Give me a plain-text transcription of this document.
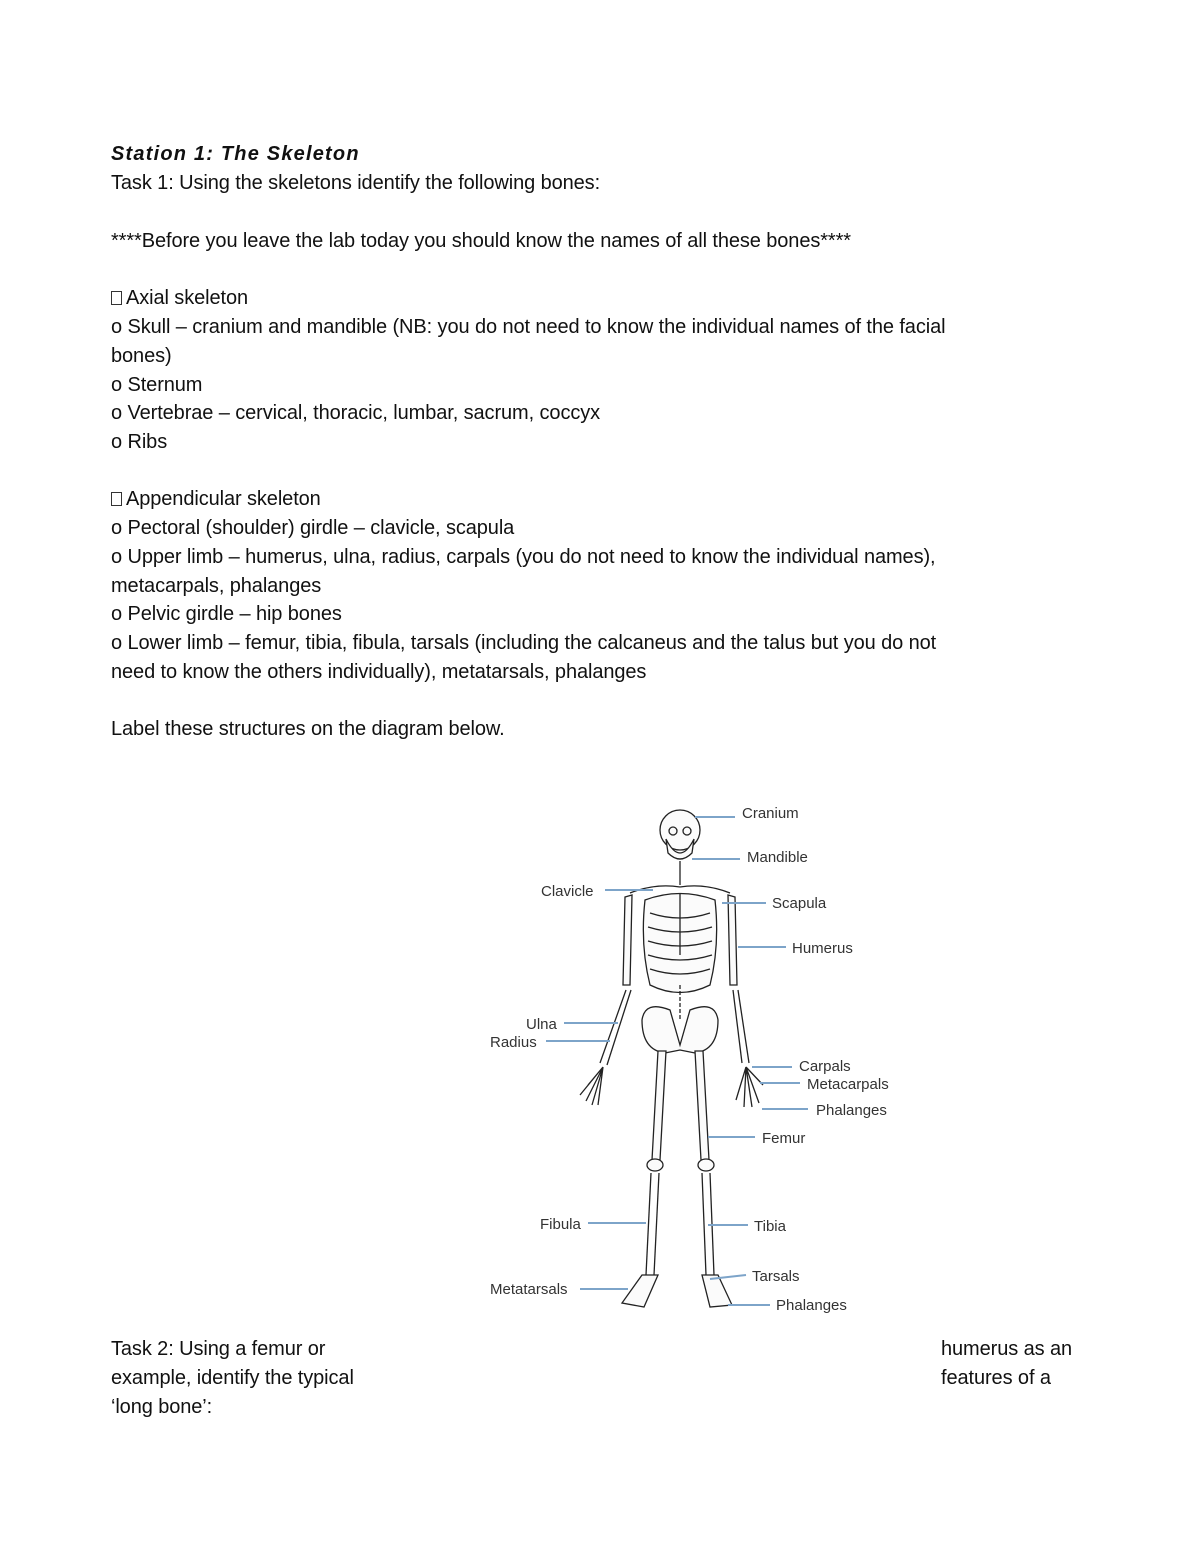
Station 1: The Skeleton
Task 1: Using the skeletons identify the following bones:
****Before you leave the lab today you should know the names of all these bones****
Axial skeleton
o Skull – cranium and mandible (NB: you do not need to know the individual names of the facial
bones)
o Sternum
o Vertebrae – cervical, thoracic, lumbar, sacrum, coccyx
o Ribs
Appendicular skeleton
o Pectoral (shoulder) girdle – clavicle, scapula
o Upper limb – humerus, ulna, radius, carpals (you do not need to know the individual names),
metacarpals, phalanges
o Pelvic girdle – hip bones
o Lower limb – femur, tibia, fibula, tarsals (including the calcaneus and the talus but you do not
need to know the others individually), metatarsals, phalanges
Label these structures on the diagram below.
Cranium
Mandible
Clavicle
Scapula
Humerus
Ulna
Radius
Carpals
Metacarpals
Phalanges
Femur
Fibula	Tibia
Metatarsals
Tarsals
Phalanges
Task 2: Using a femur or
example, identify the typical
‘long bone’:
humerus as an
features of a
